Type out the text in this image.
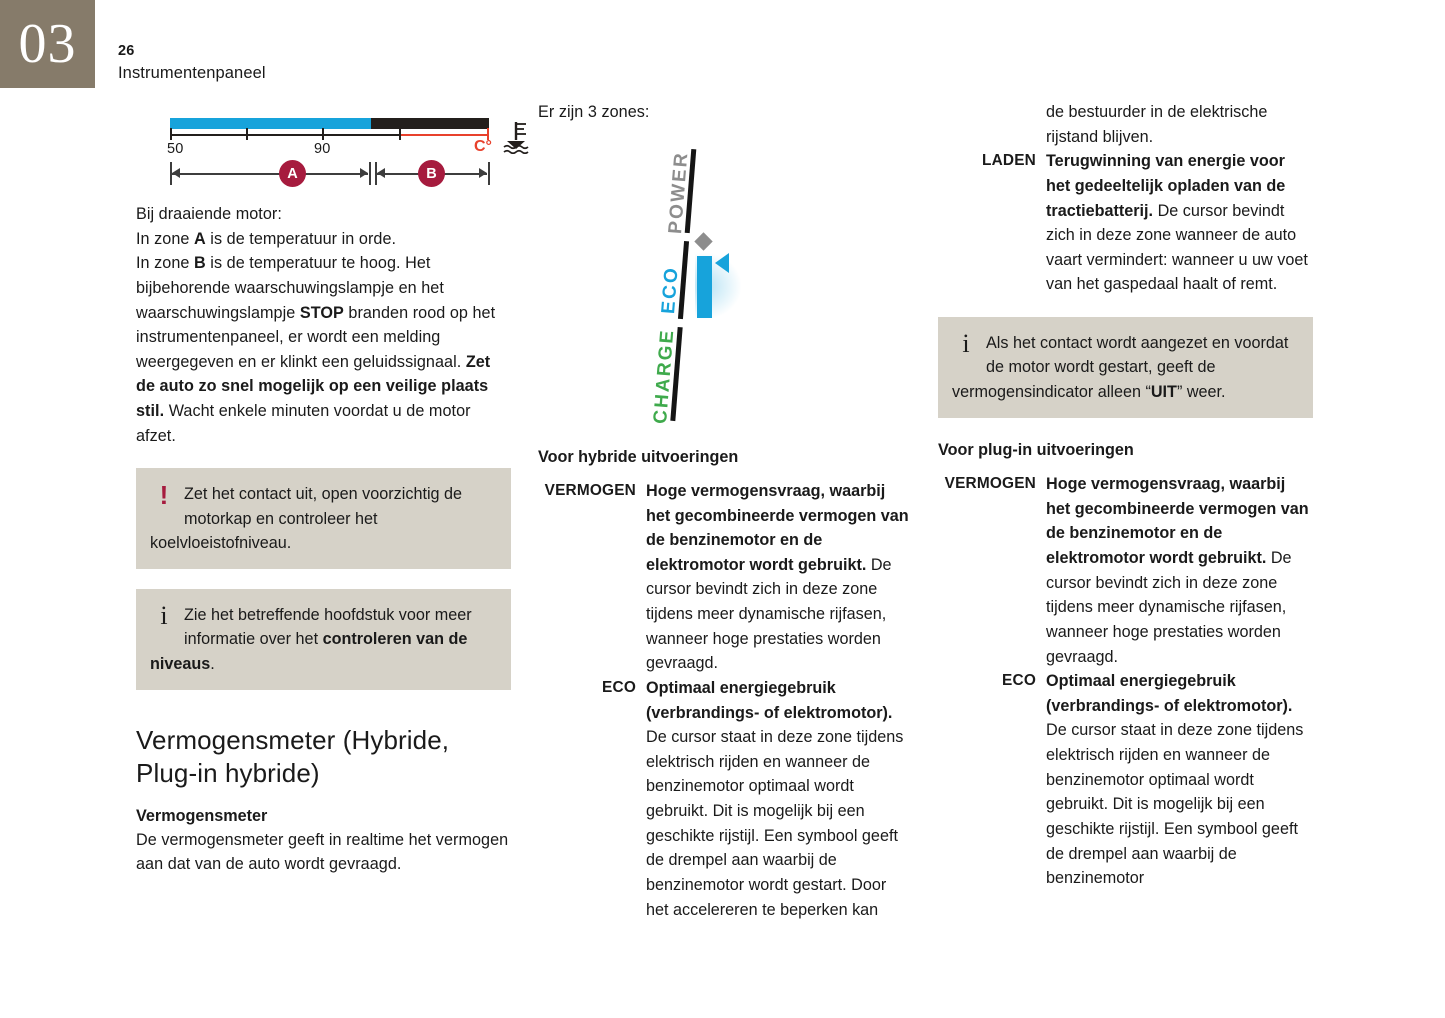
03	26
Instrumentenpaneel
50	90	C°
A	B
Bij draaiende motor:
In zone A is de temperatuur in orde.
In zone B is de temperatuur te hoog. Het bijbehorende waarschuwingslampje en het waarschuwingslampje STOP branden rood op het instrumentenpaneel, er wordt een melding weergegeven en er klinkt een geluidssignaal. Zet de auto zo snel mogelijk op een veilige plaats stil. Wacht enkele minuten voordat u de motor afzet.
! Zet het contact uit, open voorzichtig de motorkap en controleer het koelvloeistofniveau.
i	Zie het betreffende hoofdstuk voor meer informatie over het controleren van de niveaus.
Vermogensmeter (Hybride, Plug-in hybride)
Vermogensmeter
De vermogensmeter geeft in realtime het vermogen aan dat van de auto wordt gevraagd.
Er zijn 3 zones:
POWER
ECO
CHARGE
Voor hybride uitvoeringen
VERMOGEN Hoge vermogensvraag, waarbij het gecombineerde vermogen van de benzinemotor en de elektromotor wordt gebruikt. De cursor bevindt zich in deze zone tijdens meer dynamische rijfasen, wanneer hoge prestaties worden gevraagd.
ECO Optimaal energiegebruik (verbrandings- of elektromotor). De cursor staat in deze zone tijdens elektrisch rijden en wanneer de benzinemotor optimaal wordt gebruikt. Dit is mogelijk bij een geschikte rijstijl. Een symbool geeft de drempel aan waarbij de benzinemotor wordt gestart. Door het accelereren te beperken kan
de bestuurder in de elektrische rijstand blijven.
LADEN Terugwinning van energie voor het gedeeltelijk opladen van de tractiebatterij. De cursor bevindt zich in deze zone wanneer de auto vaart vermindert: wanneer u uw voet van het gaspedaal haalt of remt.
i	Als het contact wordt aangezet en voordat de motor wordt gestart, geeft de vermogensindicator alleen “UIT” weer.
Voor plug-in uitvoeringen
VERMOGEN Hoge vermogensvraag, waarbij het gecombineerde vermogen van de benzinemotor en de elektromotor wordt gebruikt. De cursor bevindt zich in deze zone tijdens meer dynamische rijfasen, wanneer hoge prestaties worden gevraagd.
ECO Optimaal energiegebruik (verbrandings- of elektromotor). De cursor staat in deze zone tijdens elektrisch rijden en wanneer de benzinemotor optimaal wordt gebruikt. Dit is mogelijk bij een geschikte rijstijl. Een symbool geeft de drempel aan waarbij de benzinemotor
